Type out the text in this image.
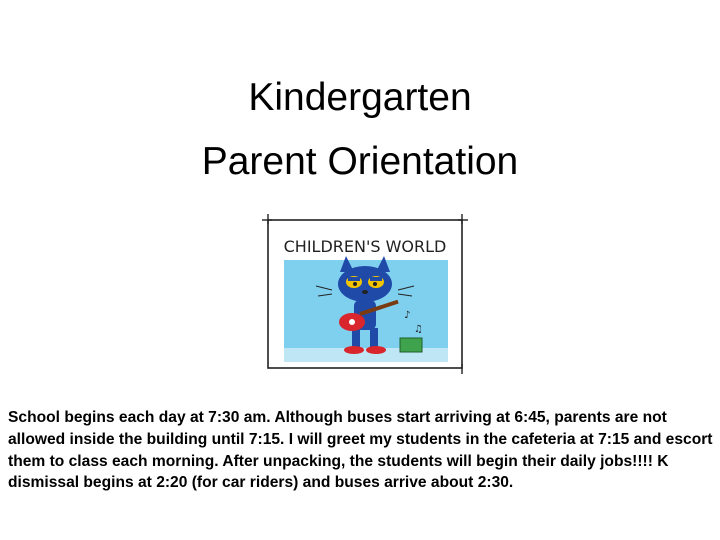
Kindergarten
Parent Orientation
CHILDREN'S WORLD
♪
♫

School begins each day at 7:30 am. Although buses start arriving at 6:45, parents are not allowed inside the building until 7:15. I will greet my students in the cafeteria at 7:15 and escort them to class each morning. After unpacking, the students will begin their daily jobs!!!! K dismissal begins at 2:20 (for car riders) and buses arrive about 2:30.
